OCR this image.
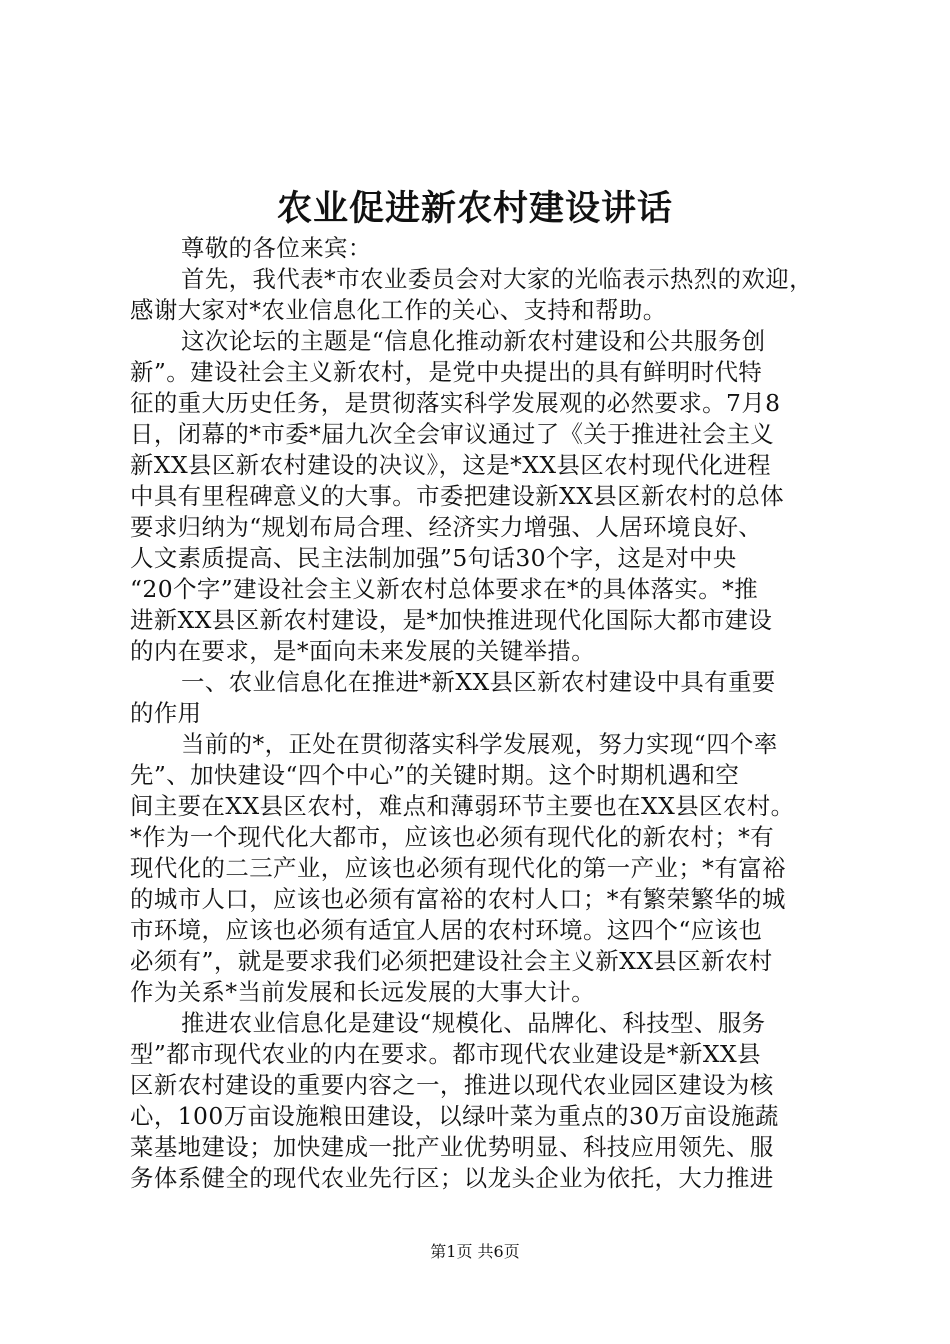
农业促进新农村建设讲话
尊敬的各位来宾：
首先，我代表*市农业委员会对大家的光临表示热烈的欢迎，
感谢大家对*农业信息化工作的关心、支持和帮助。
这次论坛的主题是“信息化推动新农村建设和公共服务创
新”。建设社会主义新农村，是党中央提出的具有鲜明时代特
征的重大历史任务，是贯彻落实科学发展观的必然要求。7月8
日，闭幕的*市委*届九次全会审议通过了《关于推进社会主义
新XX县区新农村建设的决议》，这是*XX县区农村现代化进程
中具有里程碑意义的大事。市委把建设新XX县区新农村的总体
要求归纳为“规划布局合理、经济实力增强、人居环境良好、
人文素质提高、民主法制加强”5句话30个字，这是对中央
“20个字”建设社会主义新农村总体要求在*的具体落实。*推
进新XX县区新农村建设，是*加快推进现代化国际大都市建设
的内在要求，是*面向未来发展的关键举措。
一、农业信息化在推进*新XX县区新农村建设中具有重要
的作用
当前的*，正处在贯彻落实科学发展观，努力实现“四个率
先”、加快建设“四个中心”的关键时期。这个时期机遇和空
间主要在XX县区农村，难点和薄弱环节主要也在XX县区农村。
*作为一个现代化大都市，应该也必须有现代化的新农村；*有
现代化的二三产业，应该也必须有现代化的第一产业；*有富裕
的城市人口，应该也必须有富裕的农村人口；*有繁荣繁华的城
市环境，应该也必须有适宜人居的农村环境。这四个“应该也
必须有”，就是要求我们必须把建设社会主义新XX县区新农村
作为关系*当前发展和长远发展的大事大计。
推进农业信息化是建设“规模化、品牌化、科技型、服务
型”都市现代农业的内在要求。都市现代农业建设是*新XX县
区新农村建设的重要内容之一，推进以现代农业园区建设为核
心，100万亩设施粮田建设，以绿叶菜为重点的30万亩设施蔬
菜基地建设；加快建成一批产业优势明显、科技应用领先、服
务体系健全的现代农业先行区；以龙头企业为依托，大力推进
第1页 共6页
